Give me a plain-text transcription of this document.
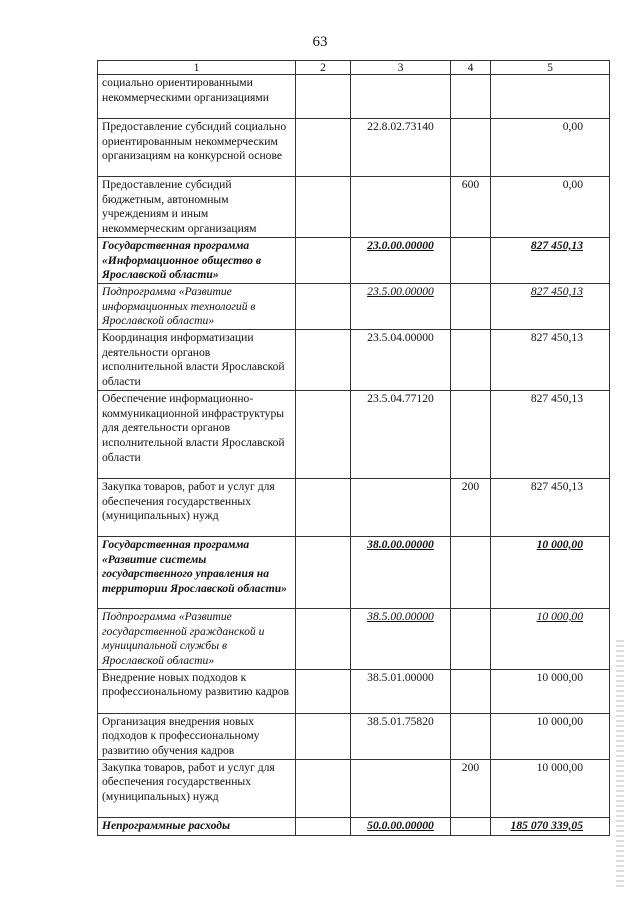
63
1	2	3	4	5
социально ориентированными некоммерческими организациями				
Предоставление субсидий социально ориентированным некоммерческим организациям на конкурсной основе		22.8.02.73140		0,00
Предоставление субсидий бюджетным, автономным учреждениям и иным некоммерческим организациям			600	0,00
Государственная программа «Информационное общество в Ярославской области»		23.0.00.00000		827 450,13
Подпрограмма «Развитие информационных технологий в Ярославской области»		23.5.00.00000		827 450,13
Координация информатизации деятельности органов исполнительной власти Ярославской области		23.5.04.00000		827 450,13
Обеспечение информационно-коммуникационной инфраструктуры для деятельности органов исполнительной власти Ярославской области		23.5.04.77120		827 450,13
Закупка товаров, работ и услуг для обеспечения государственных (муниципальных) нужд			200	827 450,13
Государственная программа «Развитие системы государственного управления на территории Ярославской области»		38.0.00.00000		10 000,00
Подпрограмма «Развитие государственной гражданской и муниципальной службы в Ярославской области»		38.5.00.00000		10 000,00
Внедрение новых подходов к профессиональному развитию кадров		38.5.01.00000		10 000,00
Организация внедрения новых подходов к профессиональному развитию обучения кадров		38.5.01.75820		10 000,00
Закупка товаров, работ и услуг для обеспечения государственных (муниципальных) нужд			200	10 000,00
Непрограммные расходы		50.0.00.00000		185 070 339,05
